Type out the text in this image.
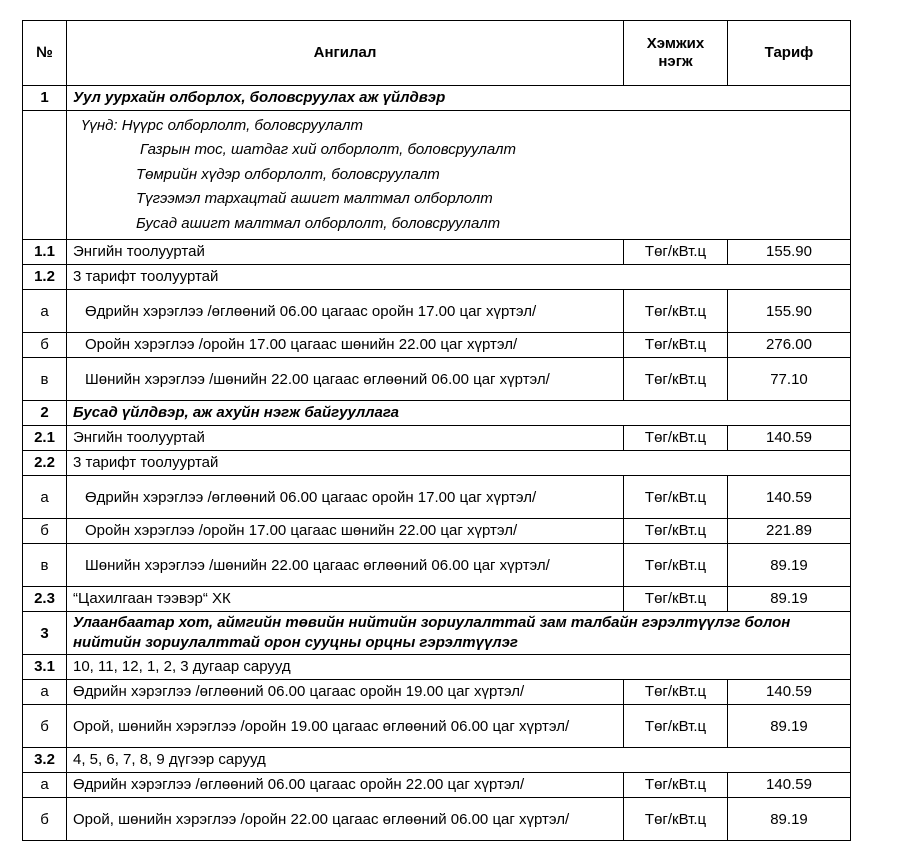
№	Ангилал	Хэмжих нэгж	Тариф
1	Уул уурхайн олборлох, боловсруулах аж үйлдвэр		

	Үүнд: Нүүрс олборлолт, боловсруулалт
Газрын тос, шатдаг хий олборлолт, боловсруулалт
Төмрийн хүдэр олборлолт, боловсруулалт
Түгээмэл тархацтай ашигт малтмал олборлолт
Бусад ашигт малтмал олборлолт, боловсруулалт		

1.1	Энгийн тоолууртай	Төг/кВт.ц	155.90
1.2	3 тарифт тоолууртай		
а	Өдрийн хэрэглээ /өглөөний 06.00 цагаас оройн 17.00 цаг хүртэл/	Төг/кВт.ц	155.90
б	Оройн хэрэглээ /оройн 17.00 цагаас шөнийн 22.00 цаг хүртэл/	Төг/кВт.ц	276.00
в	Шөнийн хэрэглээ /шөнийн 22.00 цагаас өглөөний 06.00 цаг хүртэл/	Төг/кВт.ц	77.10
2	Бусад үйлдвэр, аж ахуйн нэгж байгууллага		
2.1	Энгийн тоолууртай	Төг/кВт.ц	140.59
2.2	3 тарифт тоолууртай		
а	Өдрийн хэрэглээ /өглөөний 06.00 цагаас оройн 17.00 цаг хүртэл/	Төг/кВт.ц	140.59
б	Оройн хэрэглээ /оройн 17.00 цагаас шөнийн 22.00 цаг хүртэл/	Төг/кВт.ц	221.89
в	Шөнийн хэрэглээ /шөнийн 22.00 цагаас өглөөний 06.00 цаг хүртэл/	Төг/кВт.ц	89.19
2.3	“Цахилгаан тээвэр“ ХК	Төг/кВт.ц	89.19
3	Улаанбаатар хот, аймгийн төвийн нийтийн зориулалттай зам талбайн гэрэлтүүлэг болон нийтийн зориулалттай орон сууцны орцны гэрэлтүүлэг		
3.1	10, 11, 12, 1, 2, 3 дугаар сарууд		
а	Өдрийн хэрэглээ /өглөөний 06.00 цагаас оройн 19.00 цаг хүртэл/	Төг/кВт.ц	140.59
б	Орой, шөнийн хэрэглээ /оройн 19.00 цагаас өглөөний 06.00 цаг хүртэл/	Төг/кВт.ц	89.19
3.2	4, 5, 6, 7, 8, 9 дүгээр сарууд		
а	Өдрийн хэрэглээ /өглөөний 06.00 цагаас оройн 22.00 цаг хүртэл/	Төг/кВт.ц	140.59
б	Орой, шөнийн хэрэглээ /оройн 22.00 цагаас өглөөний 06.00 цаг хүртэл/	Төг/кВт.ц	89.19
